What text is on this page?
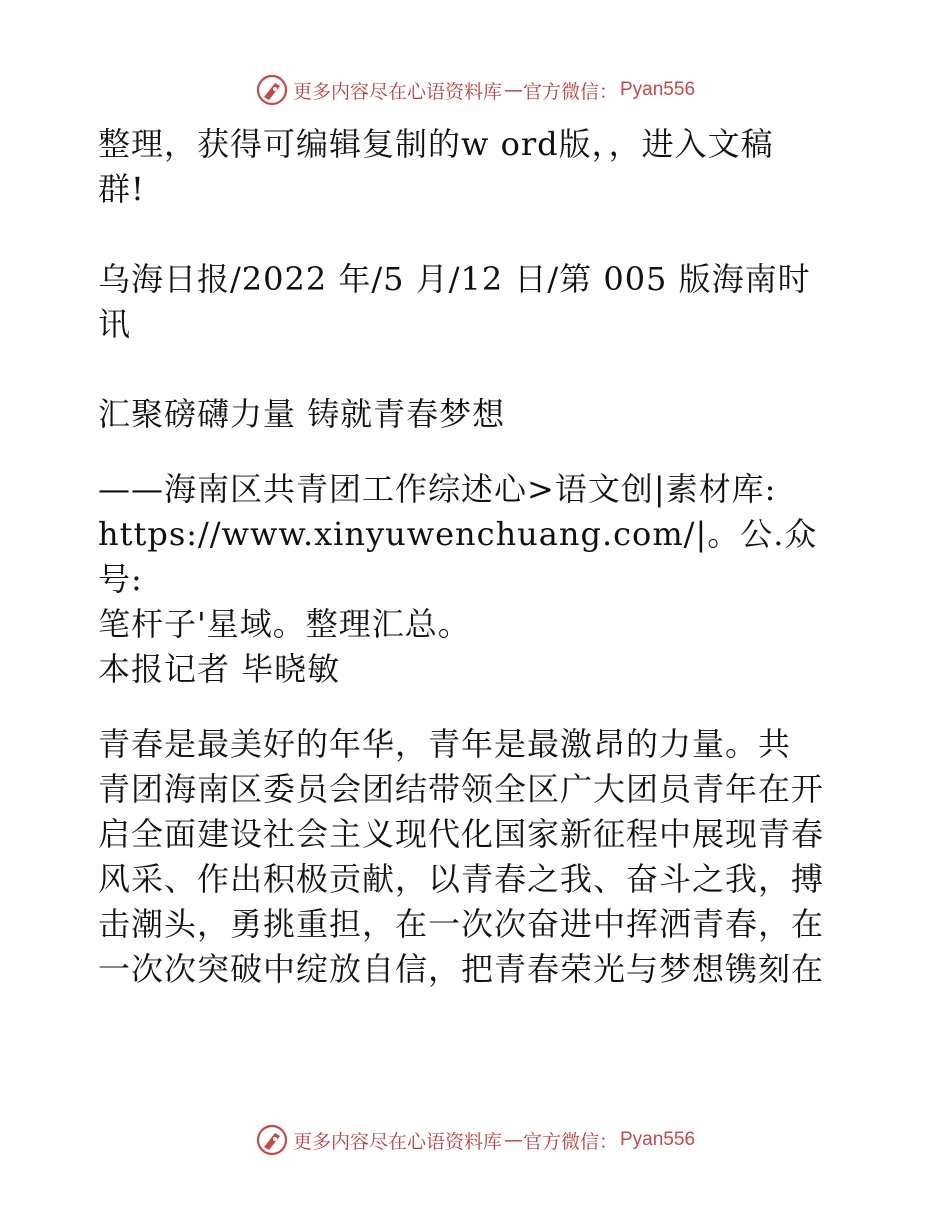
更多内容尽在心语资料库 — 官方微信： Pyan556

整理，获得可编辑复制的w ord版，，进入文稿
群!

乌海日报/2022 年/5 月/12 日/第 005 版海南时
讯

汇聚磅礴力量 铸就青春梦想

——海南区共青团工作综述心>语文创|素材库:
https://www.xinyuwenchuang.com/|。公.众号:
笔杆子'星域。整理汇总。

本报记者 毕晓敏

青春是最美好的年华，青年是最激昂的力量。共
青团海南区委员会团结带领全区广大团员青年在开
启全面建设社会主义现代化国家新征程中展现青春
风采、作出积极贡献，以青春之我、奋斗之我，搏
击潮头，勇挑重担，在一次次奋进中挥洒青春，在
一次次突破中绽放自信，把青春荣光与梦想镌刻在

更多内容尽在心语资料库 — 官方微信： Pyan556
